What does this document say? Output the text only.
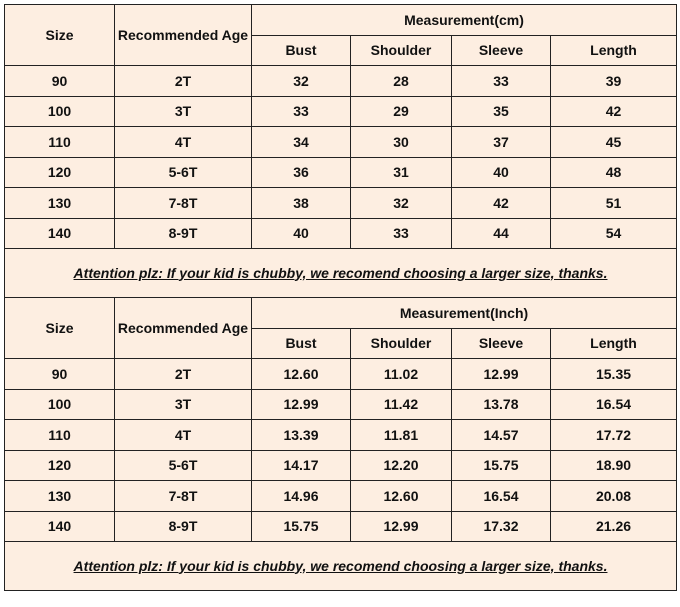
Size	Recommended Age	Measurement(cm)			
		Bust	Shoulder	Sleeve	Length
90	2T	32	28	33	39
100	3T	33	29	35	42
110	4T	34	30	37	45
120	5-6T	36	31	40	48
130	7-8T	38	32	42	51
140	8-9T	40	33	44	54
Attention plz: If your kid is chubby, we recomend choosing a larger size, thanks.					
Size	Recommended Age	Measurement(Inch)			
		Bust	Shoulder	Sleeve	Length
90	2T	12.60	11.02	12.99	15.35
100	3T	12.99	11.42	13.78	16.54
110	4T	13.39	11.81	14.57	17.72
120	5-6T	14.17	12.20	15.75	18.90
130	7-8T	14.96	12.60	16.54	20.08
140	8-9T	15.75	12.99	17.32	21.26
Attention plz: If your kid is chubby, we recomend choosing a larger size, thanks.					
